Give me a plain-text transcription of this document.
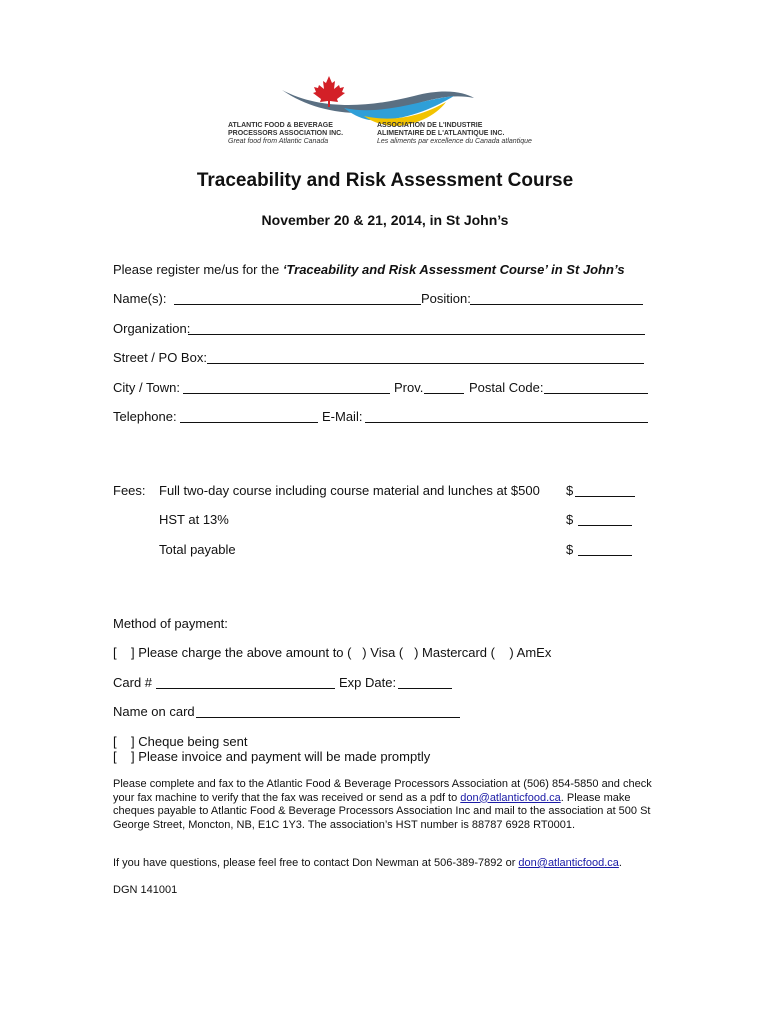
ATLANTIC FOOD & BEVERAGE
PROCESSORS ASSOCIATION INC.
Great food from Atlantic Canada
ASSOCIATION DE L'INDUSTRIE
ALIMENTAIRE DE L'ATLANTIQUE INC.
Les aliments par excellence du Canada atlantique
Traceability and Risk Assessment Course
November 20 & 21, 2014, in St John’s
Please register me/us for the ‘Traceability and Risk Assessment Course’ in St John’s
Name(s):	Position:
Organization:
Street / PO Box:
City / Town:	Prov.	Postal Code:
Telephone:	E-Mail:
Fees: Full two-day course including course material and lunches at $500 $
HST at 13%	$
Total payable	$
Method of payment:
[    ] Please charge the above amount to (   ) Visa (   ) Mastercard (    ) AmEx
Card #	Exp Date:
Name on card
[    ] Cheque being sent
[    ] Please invoice and payment will be made promptly
Please complete and fax to the Atlantic Food & Beverage Processors Association at (506) 854-5850 and check your fax machine to verify that the fax was received or send as a pdf to don@atlanticfood.ca. Please make cheques payable to Atlantic Food & Beverage Processors Association Inc and mail to the association at 500 St George Street, Moncton, NB, E1C 1Y3. The association’s HST number is 88787 6928 RT0001.
If you have questions, please feel free to contact Don Newman at 506-389-7892 or don@atlanticfood.ca.
DGN 141001
